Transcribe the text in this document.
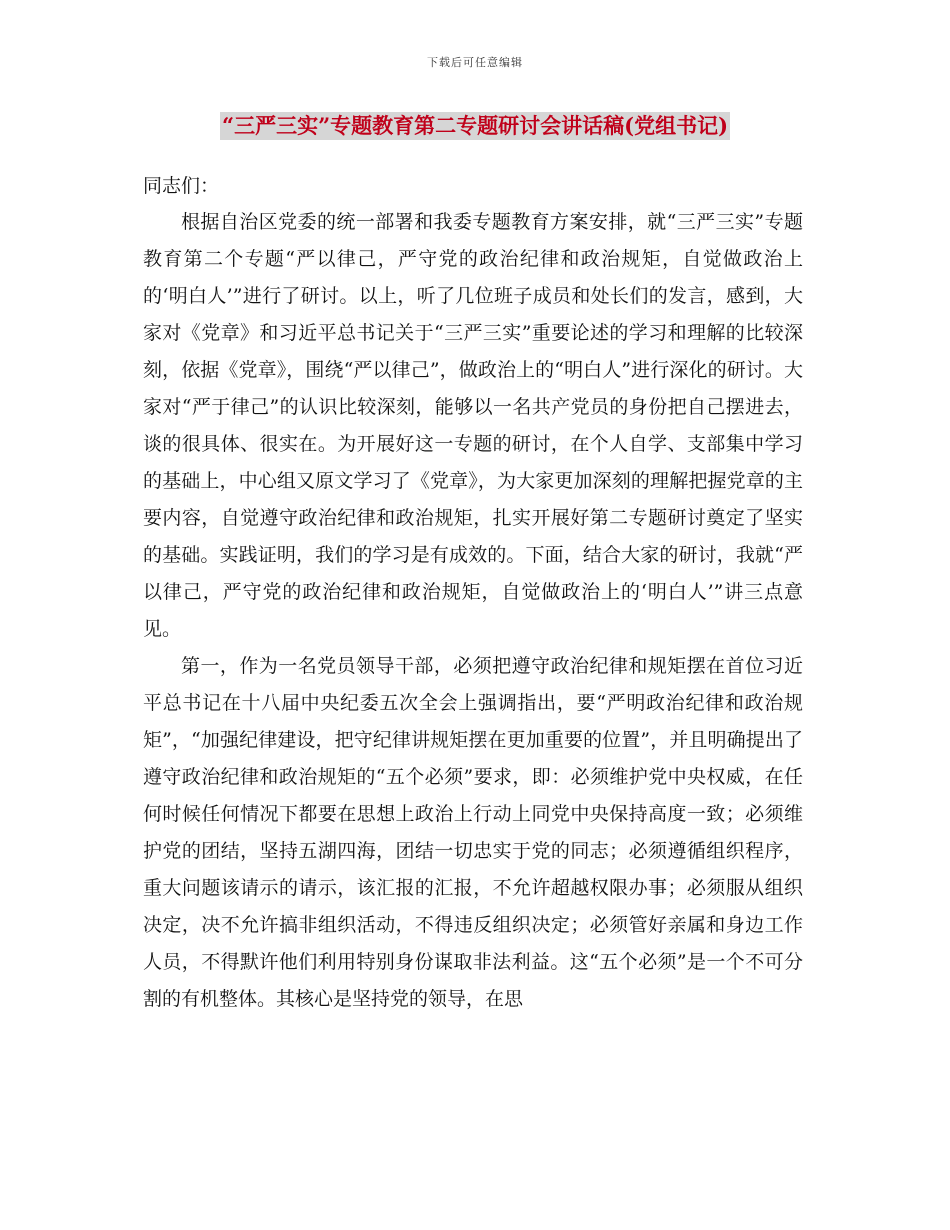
下载后可任意编辑
“三严三实”专题教育第二专题研讨会讲话稿(党组书记)
同志们：

根据自治区党委的统一部署和我委专题教育方案安排，就“三严三实”专题教育第二个专题“严以律己，严守党的政治纪律和政治规矩，自觉做政治上的‘明白人’”进行了研讨。以上，听了几位班子成员和处长们的发言，感到，大家对《党章》和习近平总书记关于“三严三实”重要论述的学习和理解的比较深刻，依据《党章》，围绕“严以律己”，做政治上的“明白人”进行深化的研讨。大家对“严于律己”的认识比较深刻，能够以一名共产党员的身份把自己摆进去，谈的很具体、很实在。为开展好这一专题的研讨，在个人自学、支部集中学习的基础上，中心组又原文学习了《党章》，为大家更加深刻的理解把握党章的主要内容，自觉遵守政治纪律和政治规矩，扎实开展好第二专题研讨奠定了坚实的基础。实践证明，我们的学习是有成效的。下面，结合大家的研讨，我就“严以律己，严守党的政治纪律和政治规矩，自觉做政治上的‘明白人’”讲三点意见。

第一，作为一名党员领导干部，必须把遵守政治纪律和规矩摆在首位习近平总书记在十八届中央纪委五次全会上强调指出，要“严明政治纪律和政治规矩”，“加强纪律建设，把守纪律讲规矩摆在更加重要的位置”，并且明确提出了遵守政治纪律和政治规矩的“五个必须”要求，即：必须维护党中央权威，在任何时候任何情况下都要在思想上政治上行动上同党中央保持高度一致；必须维护党的团结，坚持五湖四海，团结一切忠实于党的同志；必须遵循组织程序，重大问题该请示的请示，该汇报的汇报，不允许超越权限办事；必须服从组织决定，决不允许搞非组织活动，不得违反组织决定；必须管好亲属和身边工作人员，不得默许他们利用特别身份谋取非法利益。这“五个必须”是一个不可分割的有机整体。其核心是坚持党的领导，在思
